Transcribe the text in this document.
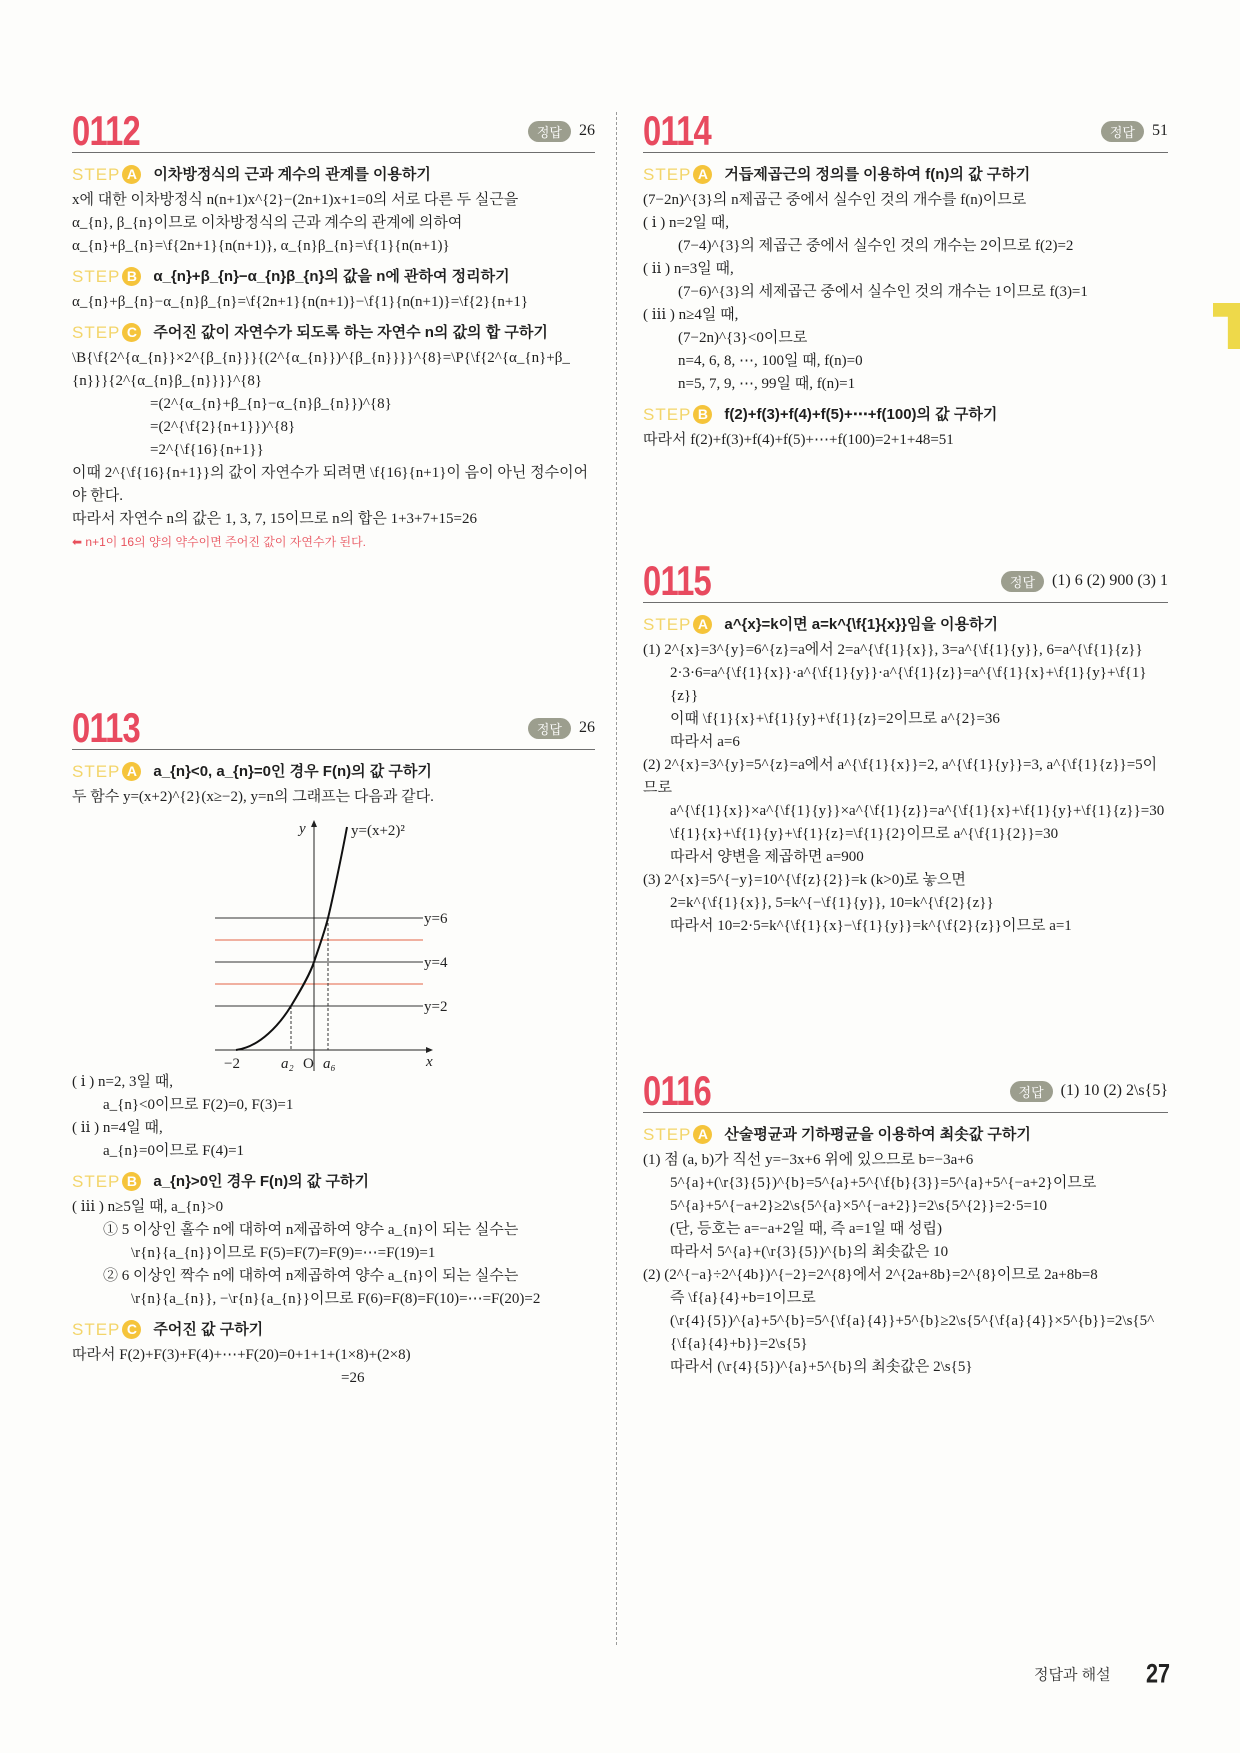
0112	정답	26
STEP A 이차방정식의 근과 계수의 관계를 이용하기
x에 대한 이차방정식 n(n+1)x^{2}−(2n+1)x+1=0의 서로 다른 두 실근을
α_{n}, β_{n}이므로 이차방정식의 근과 계수의 관계에 의하여
α_{n}+β_{n}=\f{2n+1}{n(n+1)}, α_{n}β_{n}=\f{1}{n(n+1)}
STEP B α_{n}+β_{n}−α_{n}β_{n}의 값을 n에 관하여 정리하기
α_{n}+β_{n}−α_{n}β_{n}=\f{2n+1}{n(n+1)}−\f{1}{n(n+1)}=\f{2}{n+1}
STEP C 주어진 값이 자연수가 되도록 하는 자연수 n의 값의 합 구하기
\B{\f{2^{α_{n}}×2^{β_{n}}}{(2^{α_{n}})^{β_{n}}}}^{8}=\P{\f{2^{α_{n}+β_{n}}}{2^{α_{n}β_{n}}}}^{8}
=(2^{α_{n}+β_{n}−α_{n}β_{n}})^{8}
=(2^{\f{2}{n+1}})^{8}
=2^{\f{16}{n+1}}
이때 2^{\f{16}{n+1}}의 값이 자연수가 되려면 \f{16}{n+1}이 음이 아닌 정수이어야 한다.
따라서 자연수 n의 값은 1, 3, 7, 15이므로 n의 합은 1+3+7+15=26
⬅ n+1이 16의 양의 약수이면 주어진 값이 자연수가 된다.
0113	정답	26
STEP A a_{n}<0, a_{n}=0인 경우 F(n)의 값 구하기
두 함수 y=(x+2)^{2}(x≥−2), y=n의 그래프는 다음과 같다.
y	y=(x+2)²
y=6
y=4
y=2
−2	a₂ O a₆	x
( ⅰ ) n=2, 3일 때,
a_{n}<0이므로 F(2)=0, F(3)=1
( ⅱ ) n=4일 때,
a_{n}=0이므로 F(4)=1
STEP B a_{n}>0인 경우 F(n)의 값 구하기
( ⅲ ) n≥5일 때, a_{n}>0
① 5 이상인 홀수 n에 대하여 n제곱하여 양수 a_{n}이 되는 실수는
\r{n}{a_{n}}이므로 F(5)=F(7)=F(9)=⋯=F(19)=1
② 6 이상인 짝수 n에 대하여 n제곱하여 양수 a_{n}이 되는 실수는
\r{n}{a_{n}}, −\r{n}{a_{n}}이므로 F(6)=F(8)=F(10)=⋯=F(20)=2
STEP C 주어진 값 구하기
따라서 F(2)+F(3)+F(4)+⋯+F(20)=0+1+1+(1×8)+(2×8)
=26
0114	정답	51
STEP A 거듭제곱근의 정의를 이용하여 f(n)의 값 구하기
(7−2n)^{3}의 n제곱근 중에서 실수인 것의 개수를 f(n)이므로
( ⅰ ) n=2일 때,
(7−4)^{3}의 제곱근 중에서 실수인 것의 개수는 2이므로 f(2)=2
( ⅱ ) n=3일 때,
(7−6)^{3}의 세제곱근 중에서 실수인 것의 개수는 1이므로 f(3)=1
( ⅲ ) n≥4일 때,
(7−2n)^{3}<0이므로
n=4, 6, 8, ⋯, 100일 때, f(n)=0
n=5, 7, 9, ⋯, 99일 때, f(n)=1
STEP B f(2)+f(3)+f(4)+f(5)+⋯+f(100)의 값 구하기
따라서 f(2)+f(3)+f(4)+f(5)+⋯+f(100)=2+1+48=51
0115	정답	(1) 6 (2) 900 (3) 1
STEP A a^{x}=k이면 a=k^{\f{1}{x}}임을 이용하기
(1) 2^{x}=3^{y}=6^{z}=a에서 2=a^{\f{1}{x}}, 3=a^{\f{1}{y}}, 6=a^{\f{1}{z}}
2·3·6=a^{\f{1}{x}}·a^{\f{1}{y}}·a^{\f{1}{z}}=a^{\f{1}{x}+\f{1}{y}+\f{1}{z}}
이때 \f{1}{x}+\f{1}{y}+\f{1}{z}=2이므로 a^{2}=36
따라서 a=6
(2) 2^{x}=3^{y}=5^{z}=a에서 a^{\f{1}{x}}=2, a^{\f{1}{y}}=3, a^{\f{1}{z}}=5이므로
a^{\f{1}{x}}×a^{\f{1}{y}}×a^{\f{1}{z}}=a^{\f{1}{x}+\f{1}{y}+\f{1}{z}}=30
\f{1}{x}+\f{1}{y}+\f{1}{z}=\f{1}{2}이므로 a^{\f{1}{2}}=30
따라서 양변을 제곱하면 a=900
(3) 2^{x}=5^{−y}=10^{\f{z}{2}}=k (k>0)로 놓으면
2=k^{\f{1}{x}}, 5=k^{−\f{1}{y}}, 10=k^{\f{2}{z}}
따라서 10=2·5=k^{\f{1}{x}−\f{1}{y}}=k^{\f{2}{z}}이므로 a=1
0116	정답	(1) 10 (2) 2\s{5}
STEP A 산술평균과 기하평균을 이용하여 최솟값 구하기
(1) 점 (a, b)가 직선 y=−3x+6 위에 있으므로 b=−3a+6
5^{a}+(\r{3}{5})^{b}=5^{a}+5^{\f{b}{3}}=5^{a}+5^{−a+2}이므로
5^{a}+5^{−a+2}≥2\s{5^{a}×5^{−a+2}}=2\s{5^{2}}=2·5=10
(단, 등호는 a=−a+2일 때, 즉 a=1일 때 성립)
따라서 5^{a}+(\r{3}{5})^{b}의 최솟값은 10
(2) (2^{−a}÷2^{4b})^{−2}=2^{8}에서 2^{2a+8b}=2^{8}이므로 2a+8b=8
즉 \f{a}{4}+b=1이므로
(\r{4}{5})^{a}+5^{b}=5^{\f{a}{4}}+5^{b}≥2\s{5^{\f{a}{4}}×5^{b}}=2\s{5^{\f{a}{4}+b}}=2\s{5}
따라서 (\r{4}{5})^{a}+5^{b}의 최솟값은 2\s{5}
정답과 해설 27
